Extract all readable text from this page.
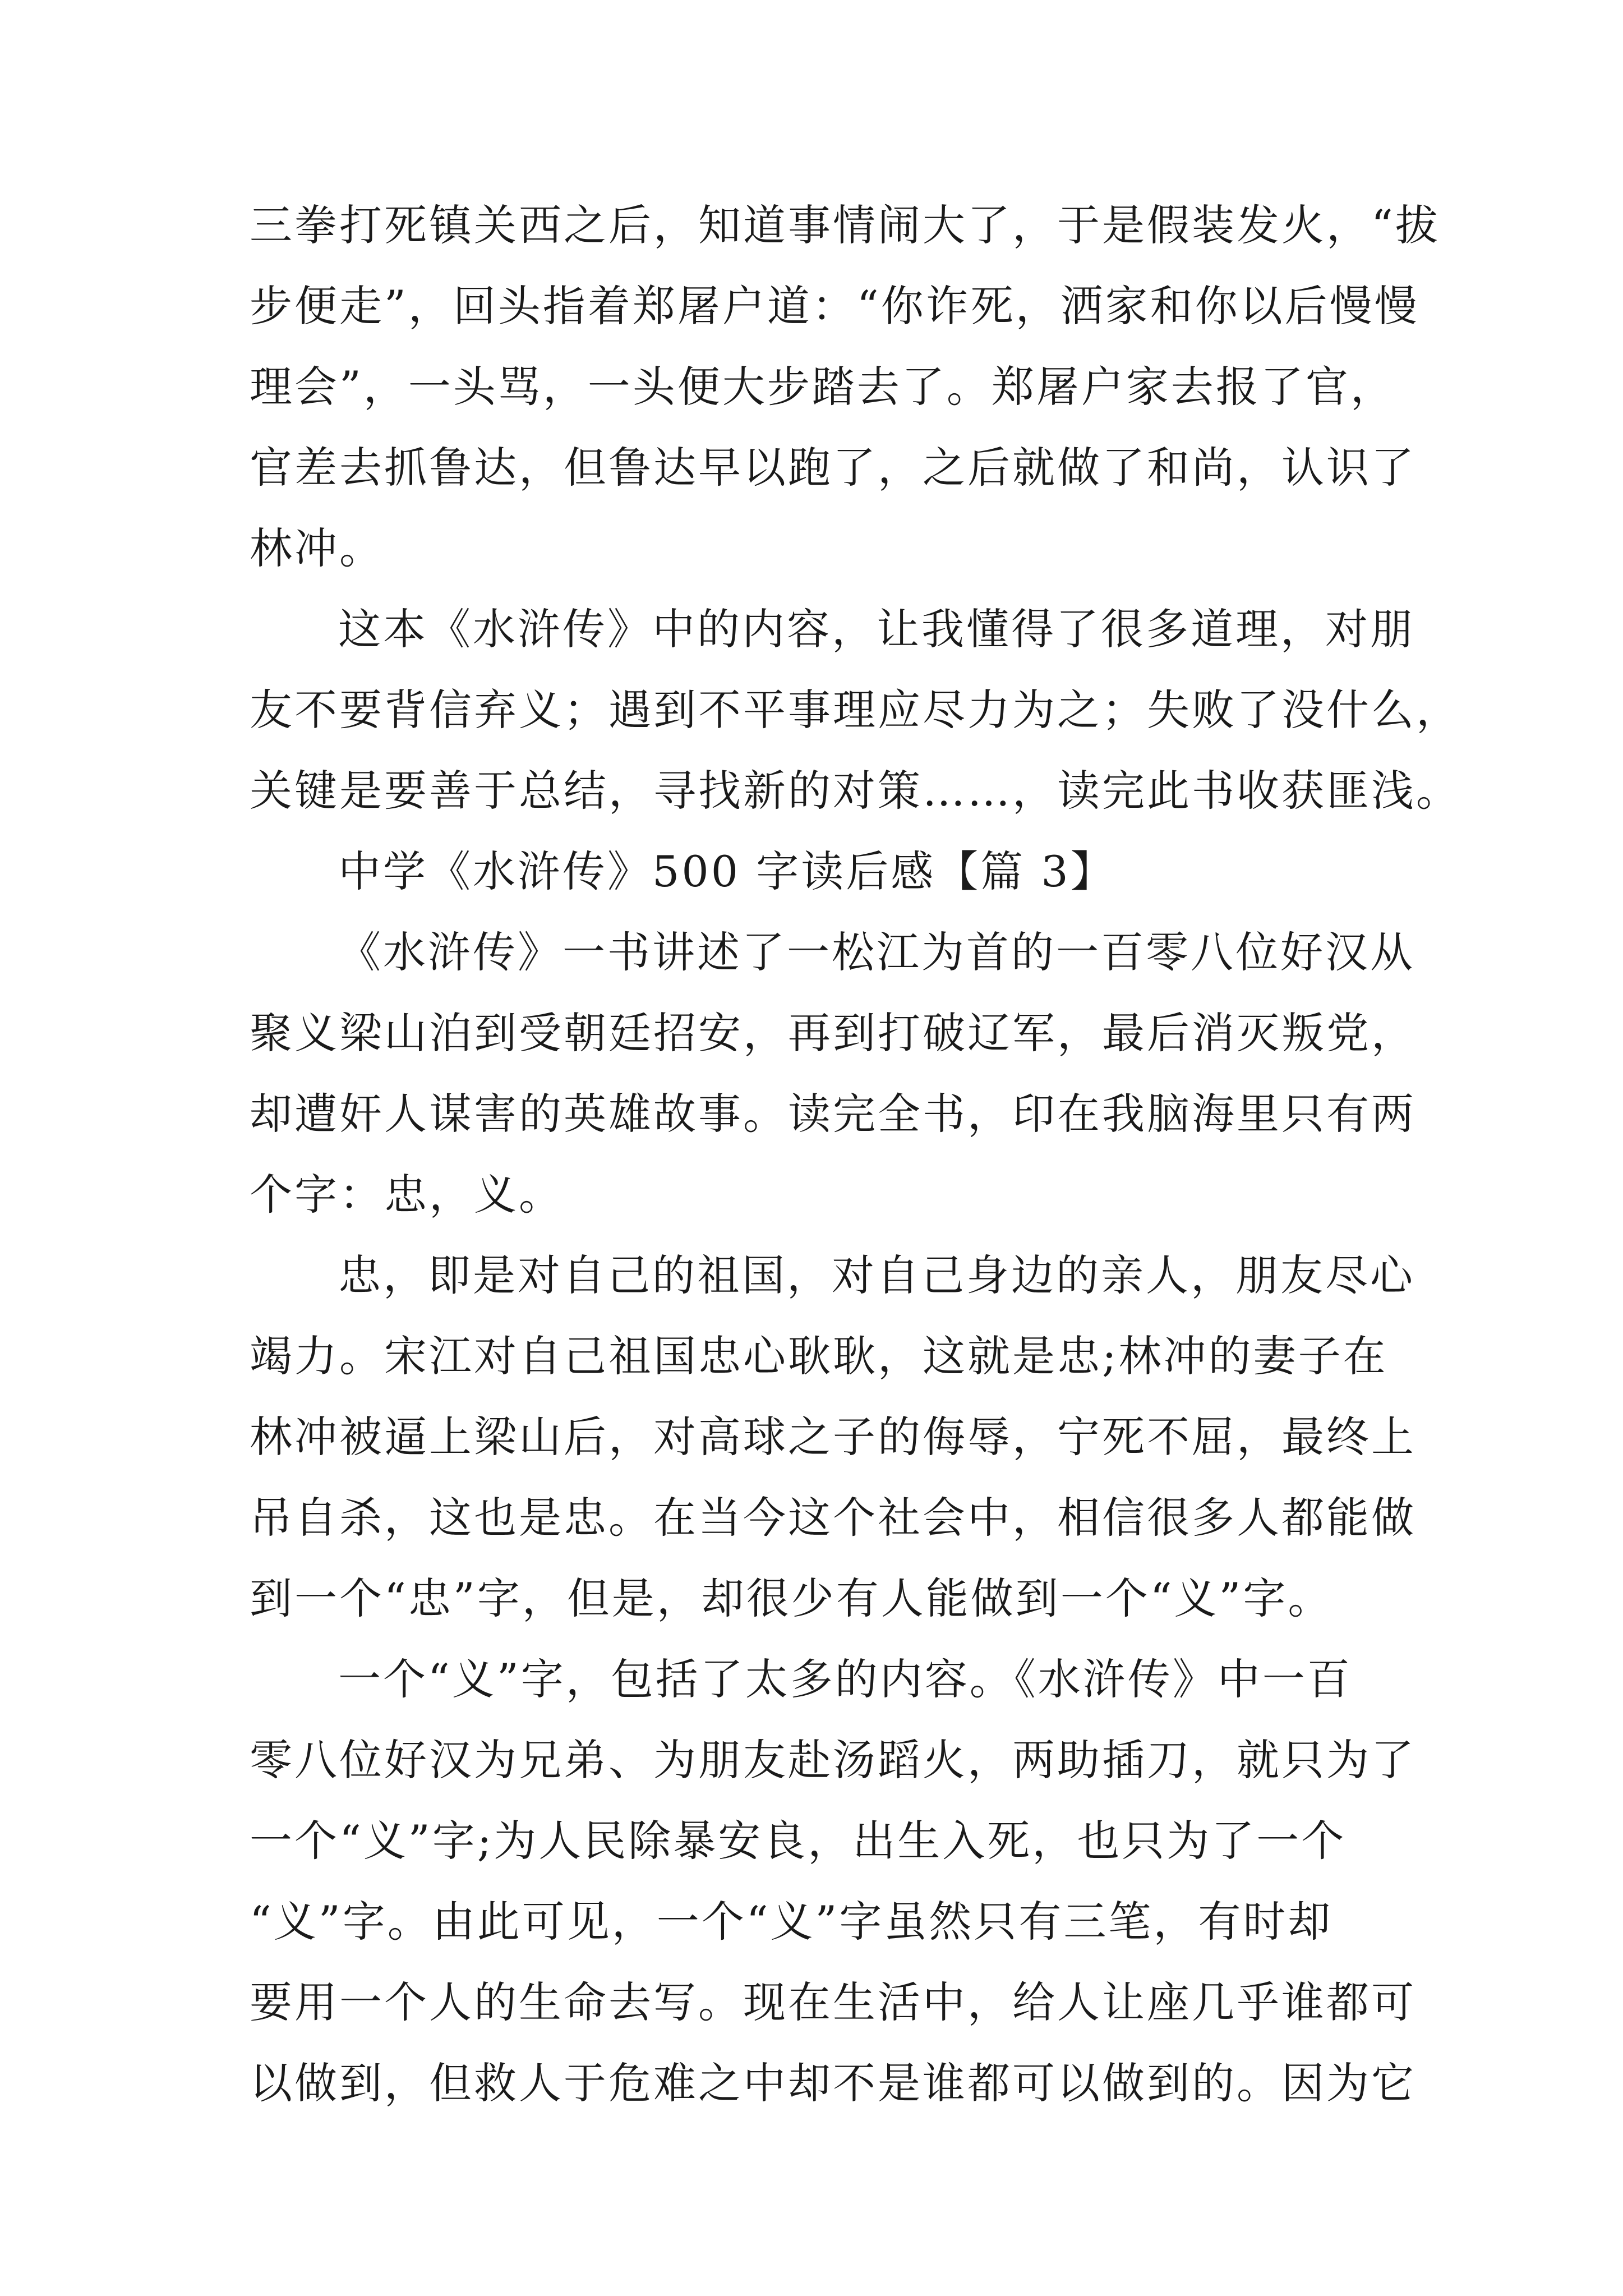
三拳打死镇关西之后，知道事情闹大了，于是假装发火，“拔
步便走”，回头指着郑屠户道：“你诈死，洒家和你以后慢慢
理会”，一头骂，一头便大步踏去了。郑屠户家去报了官，
官差去抓鲁达，但鲁达早以跑了，之后就做了和尚，认识了
林冲。
这本《水浒传》中的内容，让我懂得了很多道理，对朋
友不要背信弃义；遇到不平事理应尽力为之；失败了没什么，
关键是要善于总结，寻找新的对策……，读完此书收获匪浅。
中学《水浒传》500 字读后感【篇 3】
《水浒传》一书讲述了一松江为首的一百零八位好汉从
聚义梁山泊到受朝廷招安，再到打破辽军，最后消灭叛党，
却遭奸人谋害的英雄故事。读完全书，印在我脑海里只有两
个字：忠，义。
忠，即是对自己的祖国，对自己身边的亲人，朋友尽心
竭力。宋江对自己祖国忠心耿耿，这就是忠;林冲的妻子在
林冲被逼上梁山后，对高球之子的侮辱，宁死不屈，最终上
吊自杀，这也是忠。在当今这个社会中，相信很多人都能做
到一个“忠”字，但是，却很少有人能做到一个“义”字。
一个“义”字，包括了太多的内容。《水浒传》中一百
零八位好汉为兄弟、为朋友赴汤蹈火，两助插刀，就只为了
一个“义”字;为人民除暴安良，出生入死，也只为了一个
“义”字。由此可见，一个“义”字虽然只有三笔，有时却
要用一个人的生命去写。现在生活中，给人让座几乎谁都可
以做到，但救人于危难之中却不是谁都可以做到的。因为它
